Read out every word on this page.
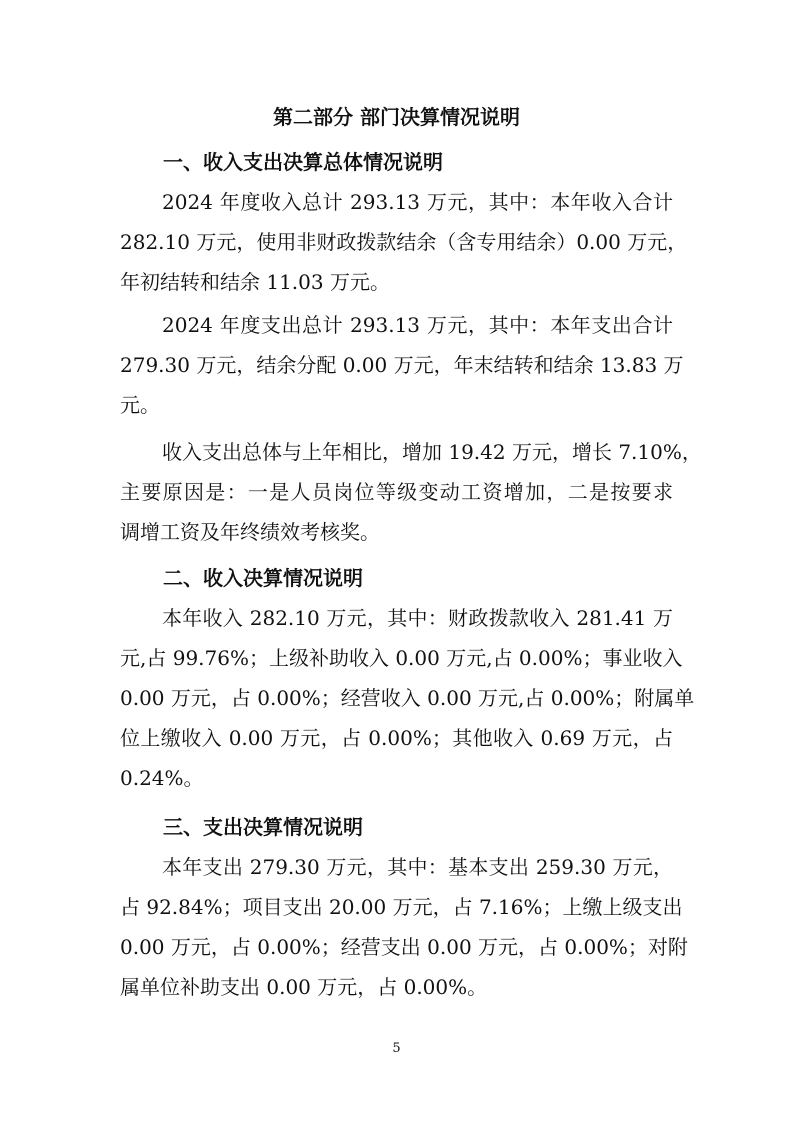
第二部分 部门决算情况说明
一、收入支出决算总体情况说明
2024 年度收入总计 293.13 万元，其中：本年收入合计
282.10 万元，使用非财政拨款结余（含专用结余）0.00 万元，
年初结转和结余 11.03 万元。
2024 年度支出总计 293.13 万元，其中：本年支出合计
279.30 万元，结余分配 0.00 万元，年末结转和结余 13.83 万
元。
收入支出总体与上年相比，增加 19.42 万元，增长 7.10%，
主要原因是：一是人员岗位等级变动工资增加，二是按要求
调增工资及年终绩效考核奖。
二、收入决算情况说明
本年收入 282.10 万元，其中：财政拨款收入 281.41 万
元,占 99.76%；上级补助收入 0.00 万元,占 0.00%；事业收入
0.00 万元，占 0.00%；经营收入 0.00 万元,占 0.00%；附属单
位上缴收入 0.00 万元，占 0.00%；其他收入 0.69 万元，占
0.24%。
三、支出决算情况说明
本年支出 279.30 万元，其中：基本支出 259.30 万元，
占 92.84%；项目支出 20.00 万元，占 7.16%；上缴上级支出
0.00 万元，占 0.00%；经营支出 0.00 万元，占 0.00%；对附
属单位补助支出 0.00 万元，占 0.00%。
5
